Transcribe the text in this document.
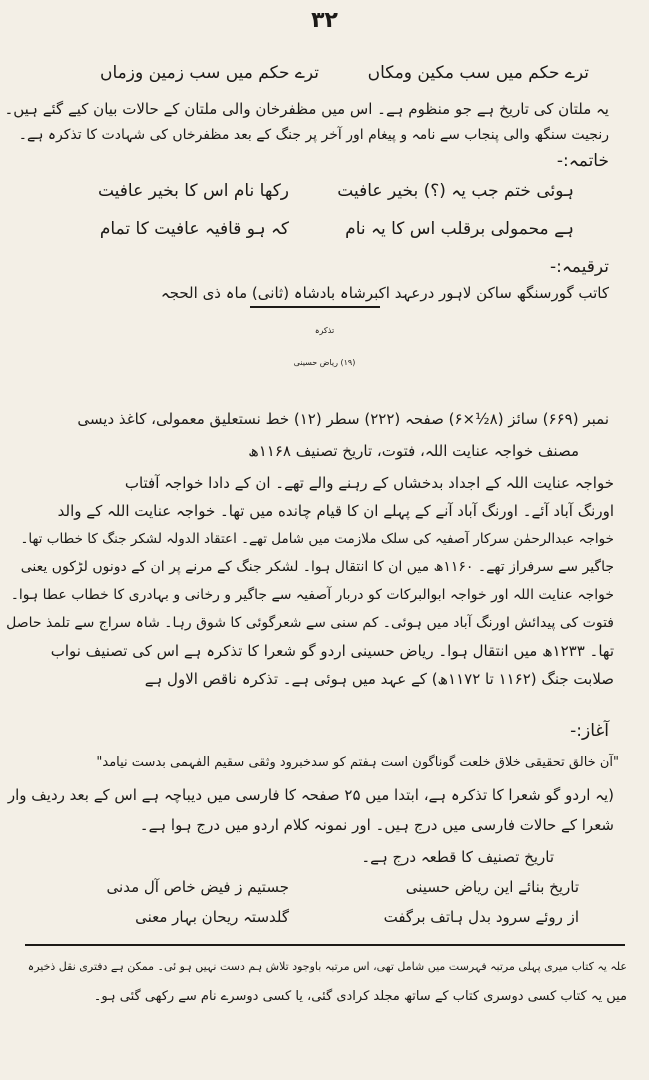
۳۲
ترے حکم میں سب مکین ومکاں
ترے حکم میں سب زمین وزماں
یہ ملتان کی تاریخ ہے جو منظوم ہے۔ اس میں مظفرخان والی ملتان کے حالات بیان کیے گئے ہیں۔
رنجیت سنگھ والی پنجاب سے نامہ و پیغام اور آخر پر جنگ کے بعد مظفرخاں کی شہادت کا تذکرہ ہے۔
خاتمہ:-
ہوئی ختم جب یہ (؟) بخیر عافیت
رکھا نام اس کا بخیر عافیت
ہے محمولی برقلب اس کا یہ نام
کہ ہو قافیہ عافیت کا تمام
ترقیمہ:-
کاتب گورسنگھ ساکن لاہور درعہد اکبرشاہ بادشاہ (ثانی) ماہ ذی الحجہ
تذکرہ
(۱۹) ریاض حسینی
نمبر (۶۶۹) سائز (۸½×۶) صفحہ (۲۲۲) سطر (۱۲) خط نستعلیق معمولی، کاغذ دیسی
مصنف خواجہ عنایت اللہ، فتوت، تاریخ تصنیف ۱۱۶۸ھ
خواجہ عنایت اللہ کے اجداد بدخشاں کے رہنے والے تھے۔ ان کے دادا خواجہ آفتاب
اورنگ آباد آئے۔ اورنگ آباد آنے کے پہلے ان کا قیام چانده میں تھا۔ خواجہ عنایت اللہ کے والد
خواجہ عبدالرحمٰن سرکار آصفیہ کی سلک ملازمت میں شامل تھے۔ اعتقاد الدولہ لشکر جنگ کا خطاب تھا۔
جاگیر سے سرفراز تھے۔ ۱۱۶۰ھ میں ان کا انتقال ہوا۔ لشکر جنگ کے مرنے پر ان کے دونوں لڑکوں یعنی
خواجہ عنایت اللہ اور خواجہ ابوالبرکات کو دربار آصفیہ سے جاگیر و رخانی و بہادری کا خطاب عطا ہوا۔
فتوت کی پیدائش اورنگ آباد میں ہوئی۔ کم سنی سے شعرگوئی کا شوق رہا۔ شاہ سراج سے تلمذ حاصل
تھا۔ ۱۲۳۳ھ میں انتقال ہوا۔ ریاض حسینی اردو گو شعرا کا تذکرہ ہے اس کی تصنیف نواب
صلابت جنگ (۱۱۶۲ تا ۱۱۷۲ھ) کے عہد میں ہوئی ہے۔ تذکرہ ناقص الاول ہے
آغاز:-
"آن خالق تحقیقی خلاق خلعت گوناگون است ہفتم کو سدخبرود وثقی سقیم الفہمی بدست نیامد"
(یہ اردو گو شعرا کا تذکرہ ہے، ابتدا میں ۲۵ صفحہ کا فارسی میں دیباچہ ہے اس کے بعد ردیف وار
شعرا کے حالات فارسی میں درج ہیں۔ اور نمونہ کلام اردو میں درج ہوا ہے۔
تاریخ تصنیف کا قطعہ درج ہے۔
تاریخ بنائے این ریاض حسینی
جستیم ز فیض خاص آل مدنی
از روئے سرود بدل ہاتف برگفت
گلدستہ ریحان بہار معنی
علہ یہ کتاب میری پہلی مرتبہ فہرست میں شامل تھی، اس مرتبہ باوجود تلاش ہم دست نہیں ہو ئی۔ ممکن ہے دفتری نقل ذخیرہ
میں یہ کتاب کسی دوسری کتاب کے ساتھ مجلد کرادی گئی، یا کسی دوسرے نام سے رکھی گئی ہو۔
